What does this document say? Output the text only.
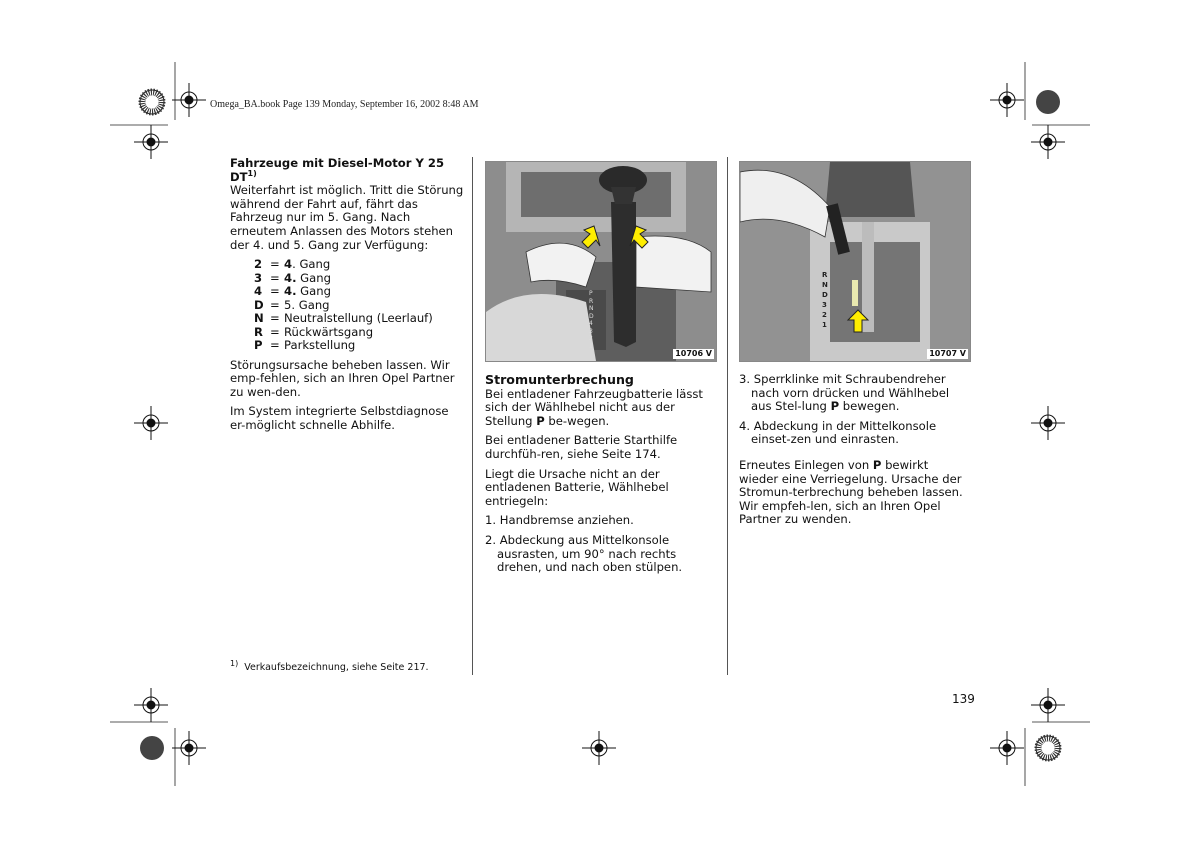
Omega_BA.book Page 139 Monday, September 16, 2002 8:48 AM
Fahrzeuge mit Diesel-Motor Y 25 DT$^{1)}$

Weiterfahrt ist möglich. Tritt die Störung während der Fahrt auf, fährt das Fahrzeug nur im 5. Gang. Nach erneutem Anlassen des Motors stehen der 4. und 5. Gang zur Verfügung:

2	=	4. Gang
3	=	4. Gang
4	=	4. Gang
D	=	5. Gang
N	=	Neutralstellung (Leerlauf)
R	=	Rückwärtsgang
P	=	Parkstellung

Störungsursache beheben lassen. Wir emp-fehlen, sich an Ihren Opel Partner zu wen-den.

Im System integrierte Selbstdiagnose er-möglicht schnelle Abhilfe.

$^{1)}$ Verkaufsbezeichnung, siehe Seite 217.
P
R
N
D
4
3
2
1
10706 V
R
N
D
3
2
1
10707 V
Stromunterbrechung

Bei entladener Fahrzeugbatterie lässt sich der Wählhebel nicht aus der Stellung P be-wegen.

Bei entladener Batterie Starthilfe durchfüh-ren, siehe Seite 174.

Liegt die Ursache nicht an der entladenen Batterie, Wählhebel entriegeln:

1. Handbremse anziehen.

2. Abdeckung aus Mittelkonsole ausrasten, um 90° nach rechts drehen, und nach oben stülpen.

3. Sperrklinke mit Schraubendreher nach vorn drücken und Wählhebel aus Stel-lung P bewegen.

4. Abdeckung in der Mittelkonsole einset-zen und einrasten.

Erneutes Einlegen von P bewirkt wieder eine Verriegelung. Ursache der Stromun-terbrechung beheben lassen. Wir empfeh-len, sich an Ihren Opel Partner zu wenden.

139
